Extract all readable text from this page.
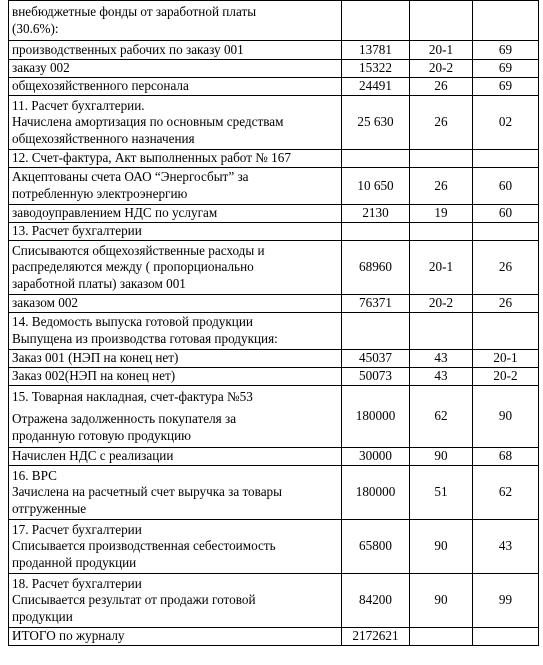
внебюджетные фонды от заработной платы
(30.6%):			

производственных рабочих по заказу 001	13781	20-1	69
заказу 002	15322	20-2	69
общехозяйственного персонала	24491	26	69

11. Расчет бухгалтерии.
Начислена амортизация по основным средствам
общехозяйственного назначения	25 630	26	02
12. Счет-фактура, Акт выполненных работ № 167			

Акцептованы счета ОАО “Энергосбыт” за
потребленную электроэнергию	10 650	26	60
заводоуправлением НДС по услугам	2130	19	60
13. Расчет бухгалтерии			

Списываются общехозяйственные расходы и
распределяются между ( пропорционально
заработной платы) заказом 001	68960	20-1	26
заказом 002	76371	20-2	26

14. Ведомость выпуска готовой продукции
Выпущена из производства готовая продукция:			

Заказ 001 (НЭП на конец нет)	45037	43	20-1
Заказ 002(НЭП на конец нет)	50073	43	20-2

15. Товарная накладная, счет-фактура №53
Отражена задолженность покупателя за
проданную готовую продукцию	180000	62	90
Начислен НДС с реализации	30000	90	68

16. ВРС
Зачислена на расчетный счет выручка за товары
отгруженные	180000	51	62

17. Расчет бухгалтерии
Списывается производственная себестоимость
проданной продукции	65800	90	43

18. Расчет бухгалтерии
Списывается результат от продажи готовой
продукции	84200	90	99
ИТОГО по журналу	2172621		
